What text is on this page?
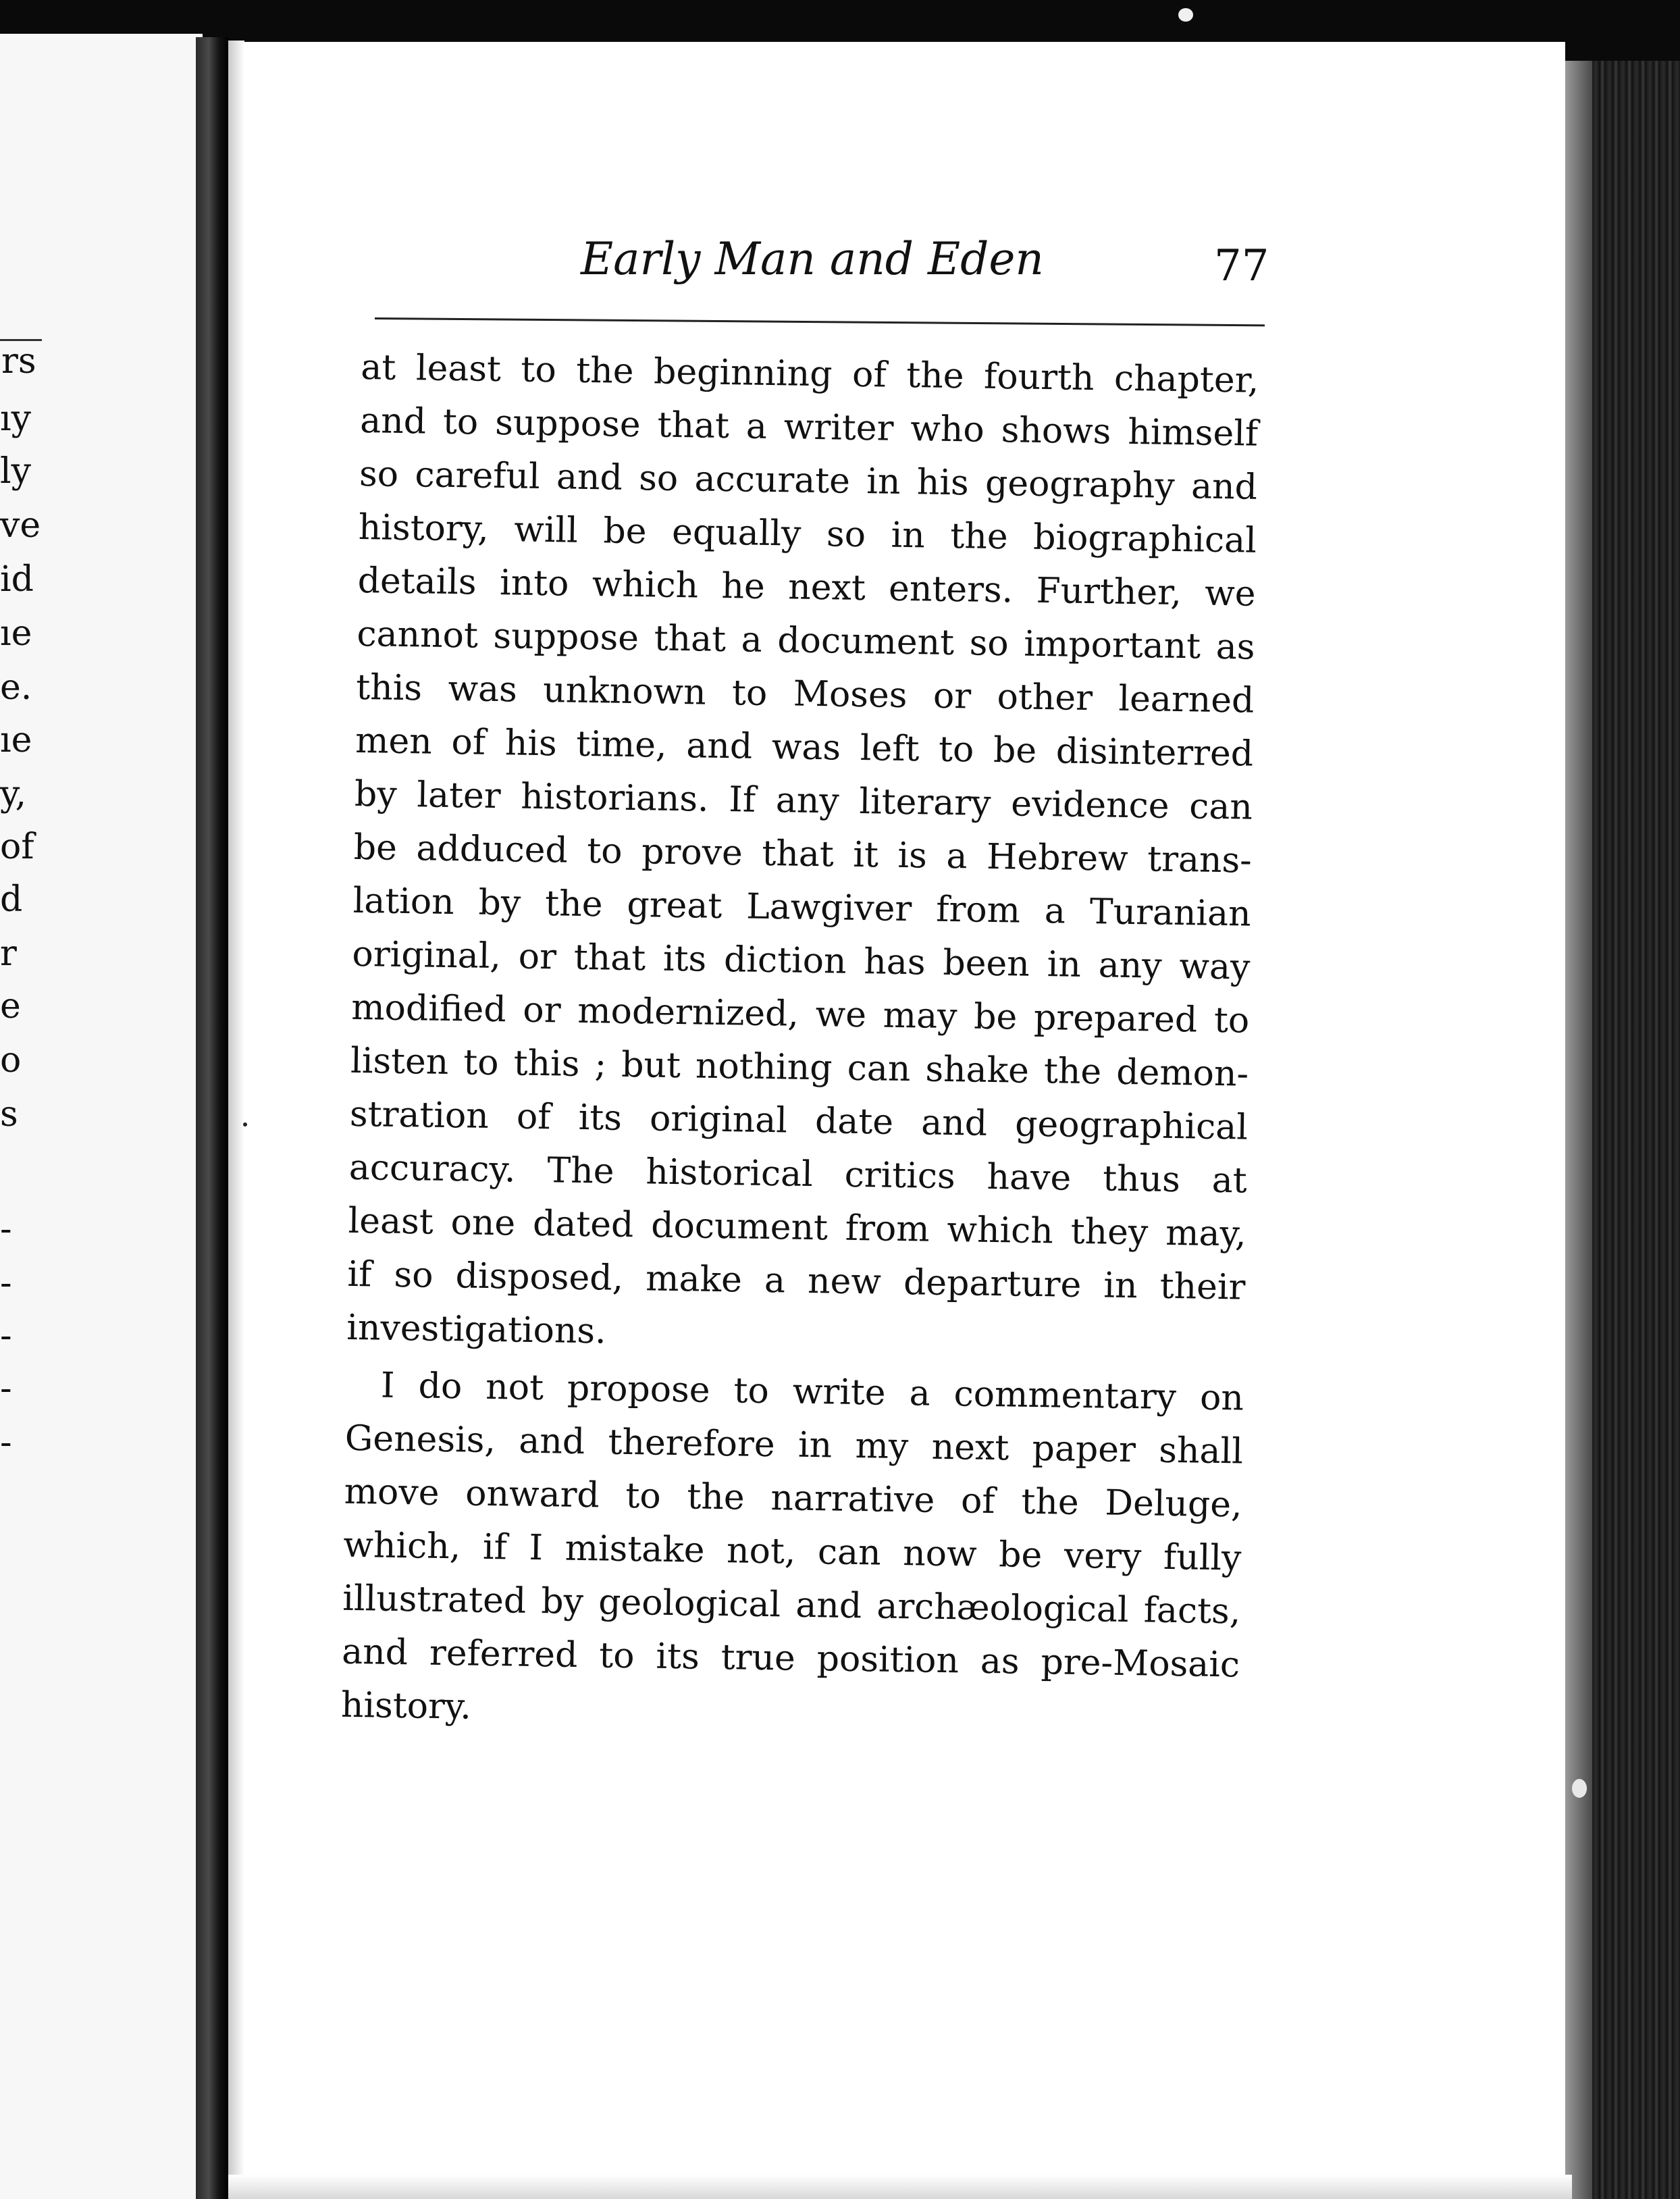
rs
ıy
ly
ve
id
ıe
e.
ıe
y,
of
d
r
e
o
s
-
-
-
-
-
Early Man and Eden	77
at least to the beginning of the fourth chapter,
and to suppose that a writer who shows himself
so careful and so accurate in his geography and
history, will be equally so in the biographical
details into which he next enters. Further, we
cannot suppose that a document so important as
this was unknown to Moses or other learned
men of his time, and was left to be disinterred
by later historians. If any literary evidence can
be adduced to prove that it is a Hebrew trans-
lation by the great Lawgiver from a Turanian
original, or that its diction has been in any way
modified or modernized, we may be prepared to
listen to this ; but nothing can shake the demon-
stration of its original date and geographical
accuracy. The historical critics have thus at
least one dated document from which they may,
if so disposed, make a new departure in their
investigations.
I do not propose to write a commentary on
Genesis, and therefore in my next paper shall
move onward to the narrative of the Deluge,
which, if I mistake not, can now be very fully
illustrated by geological and archæological facts,
and referred to its true position as pre-Mosaic
history.
